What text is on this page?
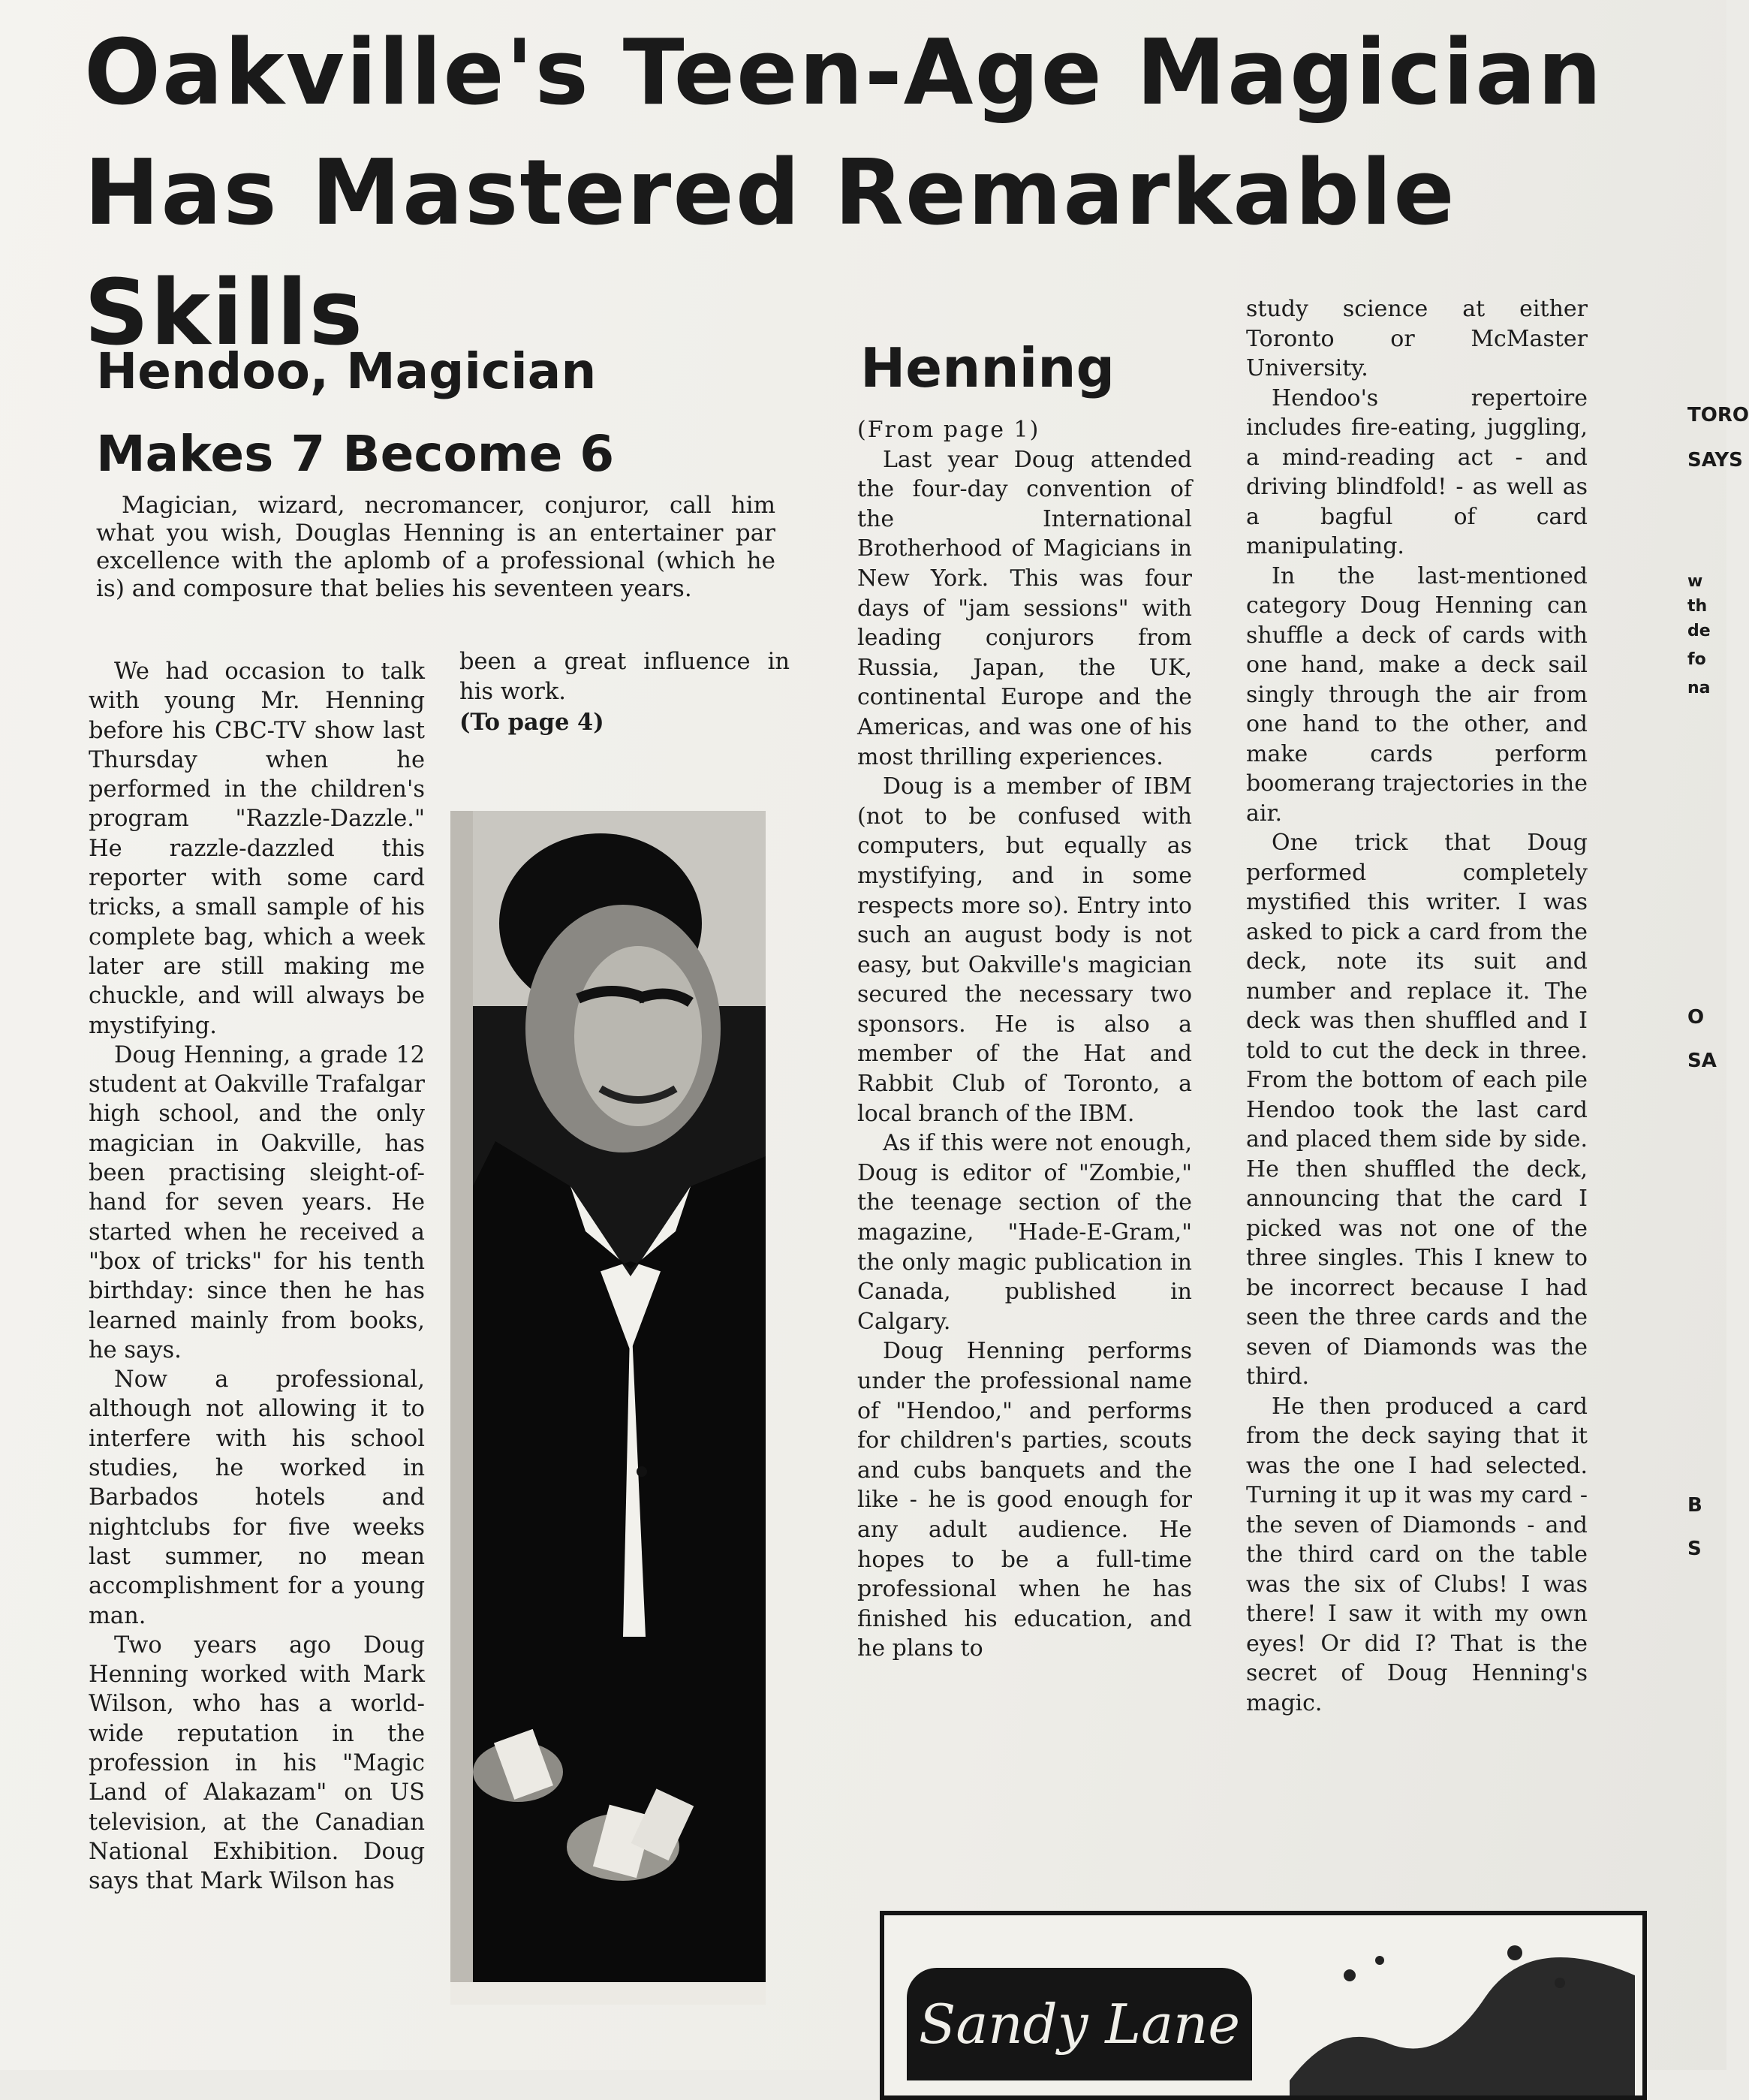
Oakville's Teen-Age Magician
Has Mastered Remarkable Skills
Hendoo, Magician
Makes 7 Become 6

Magician, wizard, necromancer, conjuror, call him what you wish, Douglas Henning is an entertainer par excellence with the aplomb of a professional (which he is) and composure that belies his seventeen years.

We had occasion to talk with young Mr. Henning before his CBC-TV show last Thursday when he performed in the children's program "Razzle-Dazzle." He razzle-dazzled this reporter with some card tricks, a small sample of his complete bag, which a week later are still making me chuckle, and will always be mystifying.

Doug Henning, a grade 12 student at Oakville Trafalgar high school, and the only magician in Oakville, has been practising sleight-of-hand for seven years. He started when he received a "box of tricks" for his tenth birthday: since then he has learned mainly from books, he says.

Now a professional, although not allowing it to interfere with his school studies, he worked in Barbados hotels and nightclubs for five weeks last summer, no mean accomplishment for a young man.

Two years ago Doug Henning worked with Mark Wilson, who has a world-wide reputation in the profession in his "Magic Land of Alakazam" on US television, at the Canadian National Exhibition. Doug says that Mark Wilson has

been a great influence in his work.

(To page 4)

Henning

(From page 1)

Last year Doug attended the four-day convention of the International Brotherhood of Magicians in New York. This was four days of "jam sessions" with leading conjurors from Russia, Japan, the UK, continental Europe and the Americas, and was one of his most thrilling experiences.

Doug is a member of IBM (not to be confused with computers, but equally as mystifying, and in some respects more so). Entry into such an august body is not easy, but Oakville's magician secured the necessary two sponsors. He is also a member of the Hat and Rabbit Club of Toronto, a local branch of the IBM.

As if this were not enough, Doug is editor of "Zombie," the teenage section of the magazine, "Hade-E-Gram," the only magic publication in Canada, published in Calgary.

Doug Henning performs under the professional name of "Hendoo," and performs for children's parties, scouts and cubs banquets and the like - he is good enough for any adult audience. He hopes to be a full-time professional when he has finished his education, and he plans to

study science at either Toronto or McMaster University.

Hendoo's repertoire includes fire-eating, juggling, a mind-reading act - and driving blindfold! - as well as a bagful of card manipulating.

In the last-mentioned category Doug Henning can shuffle a deck of cards with one hand, make a deck sail singly through the air from one hand to the other, and make cards perform boomerang trajectories in the air.

One trick that Doug performed completely mystified this writer. I was asked to pick a card from the deck, note its suit and number and replace it. The deck was then shuffled and I told to cut the deck in three. From the bottom of each pile Hendoo took the last card and placed them side by side. He then shuffled the deck, announcing that the card I picked was not one of the three singles. This I knew to be incorrect because I had seen the three cards and the seven of Diamonds was the third.

He then produced a card from the deck saying that it was the one I had selected. Turning it up it was my card - the seven of Diamonds - and the third card on the table was the six of Clubs! I was there! I saw it with my own eyes! Or did I? That is the secret of Doug Henning's magic.

Sandy Lane
TORO
SAYS
w
th
de
fo
na
O
SA
B
S
